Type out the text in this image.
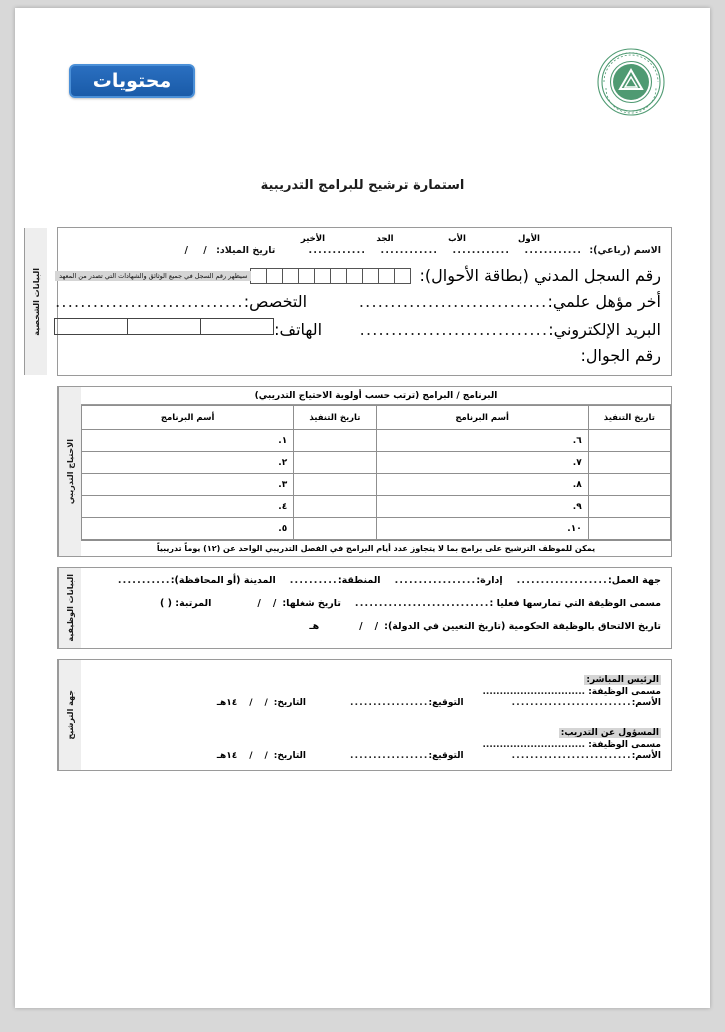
محتويات
استمارة ترشيح للبرامج التدريبية
الأول
الأب
الجد
الأخير
الاسم (رباعي):
............
............
............
............
تاريخ الميلاد: / /
رقم السجل المدني (بطاقة الأحوال):
سيظهر رقم السجل في جميع الوثائق والشهادات التي تصدر من المعهد
أخر مؤهل علمي:
..............................
التخصص:
..............................
البريد الإلكتروني:
..............................
الهاتف:
رقم الجوال:
البيانات الشخصية
البرنامج / البرامج (ترتب حسب أولوية الاحتياج التدريبي)
تاريخ التنفيذ	أسم البرنامج	تاريخ التنفيذ	أسم البرنامج
	٦.		١.
	٧.		٢.
	٨.		٣.
	٩.		٤.
	١٠.		٥.
يمكن للموظف الترشيح على برامج بما لا يتجاوز عدد أيام البرامج في الفصل التدريبي الواحد عن (١٢) يوماً تدريبياً
الاحتياج التدريبي
جهة العمل:
...................
إدارة:
.................
المنطقة:
..........
المدينة (أو المحافظة):
...........
مسمى الوظيفة التي تمارسها فعليا :
............................
تاريخ شغلها:
/
/
المرتبة: ( )
تاريخ الالتحاق بالوظيفة الحكومية (تاريخ التعيين في الدولة):
/
/
هـ
البيانات الوظيفية
الرئيس المباشر:
مسمى الوظيفة: ..............................
الأسم:
..........................
التوقيع:
.................
التاريخ:
/
/
١٤هـ
المسؤول عن التدريب:
مسمى الوظيفة: ..............................
الأسم:
..........................
التوقيع:
.................
التاريخ:
/
/
١٤هـ
جهة الترشيح
